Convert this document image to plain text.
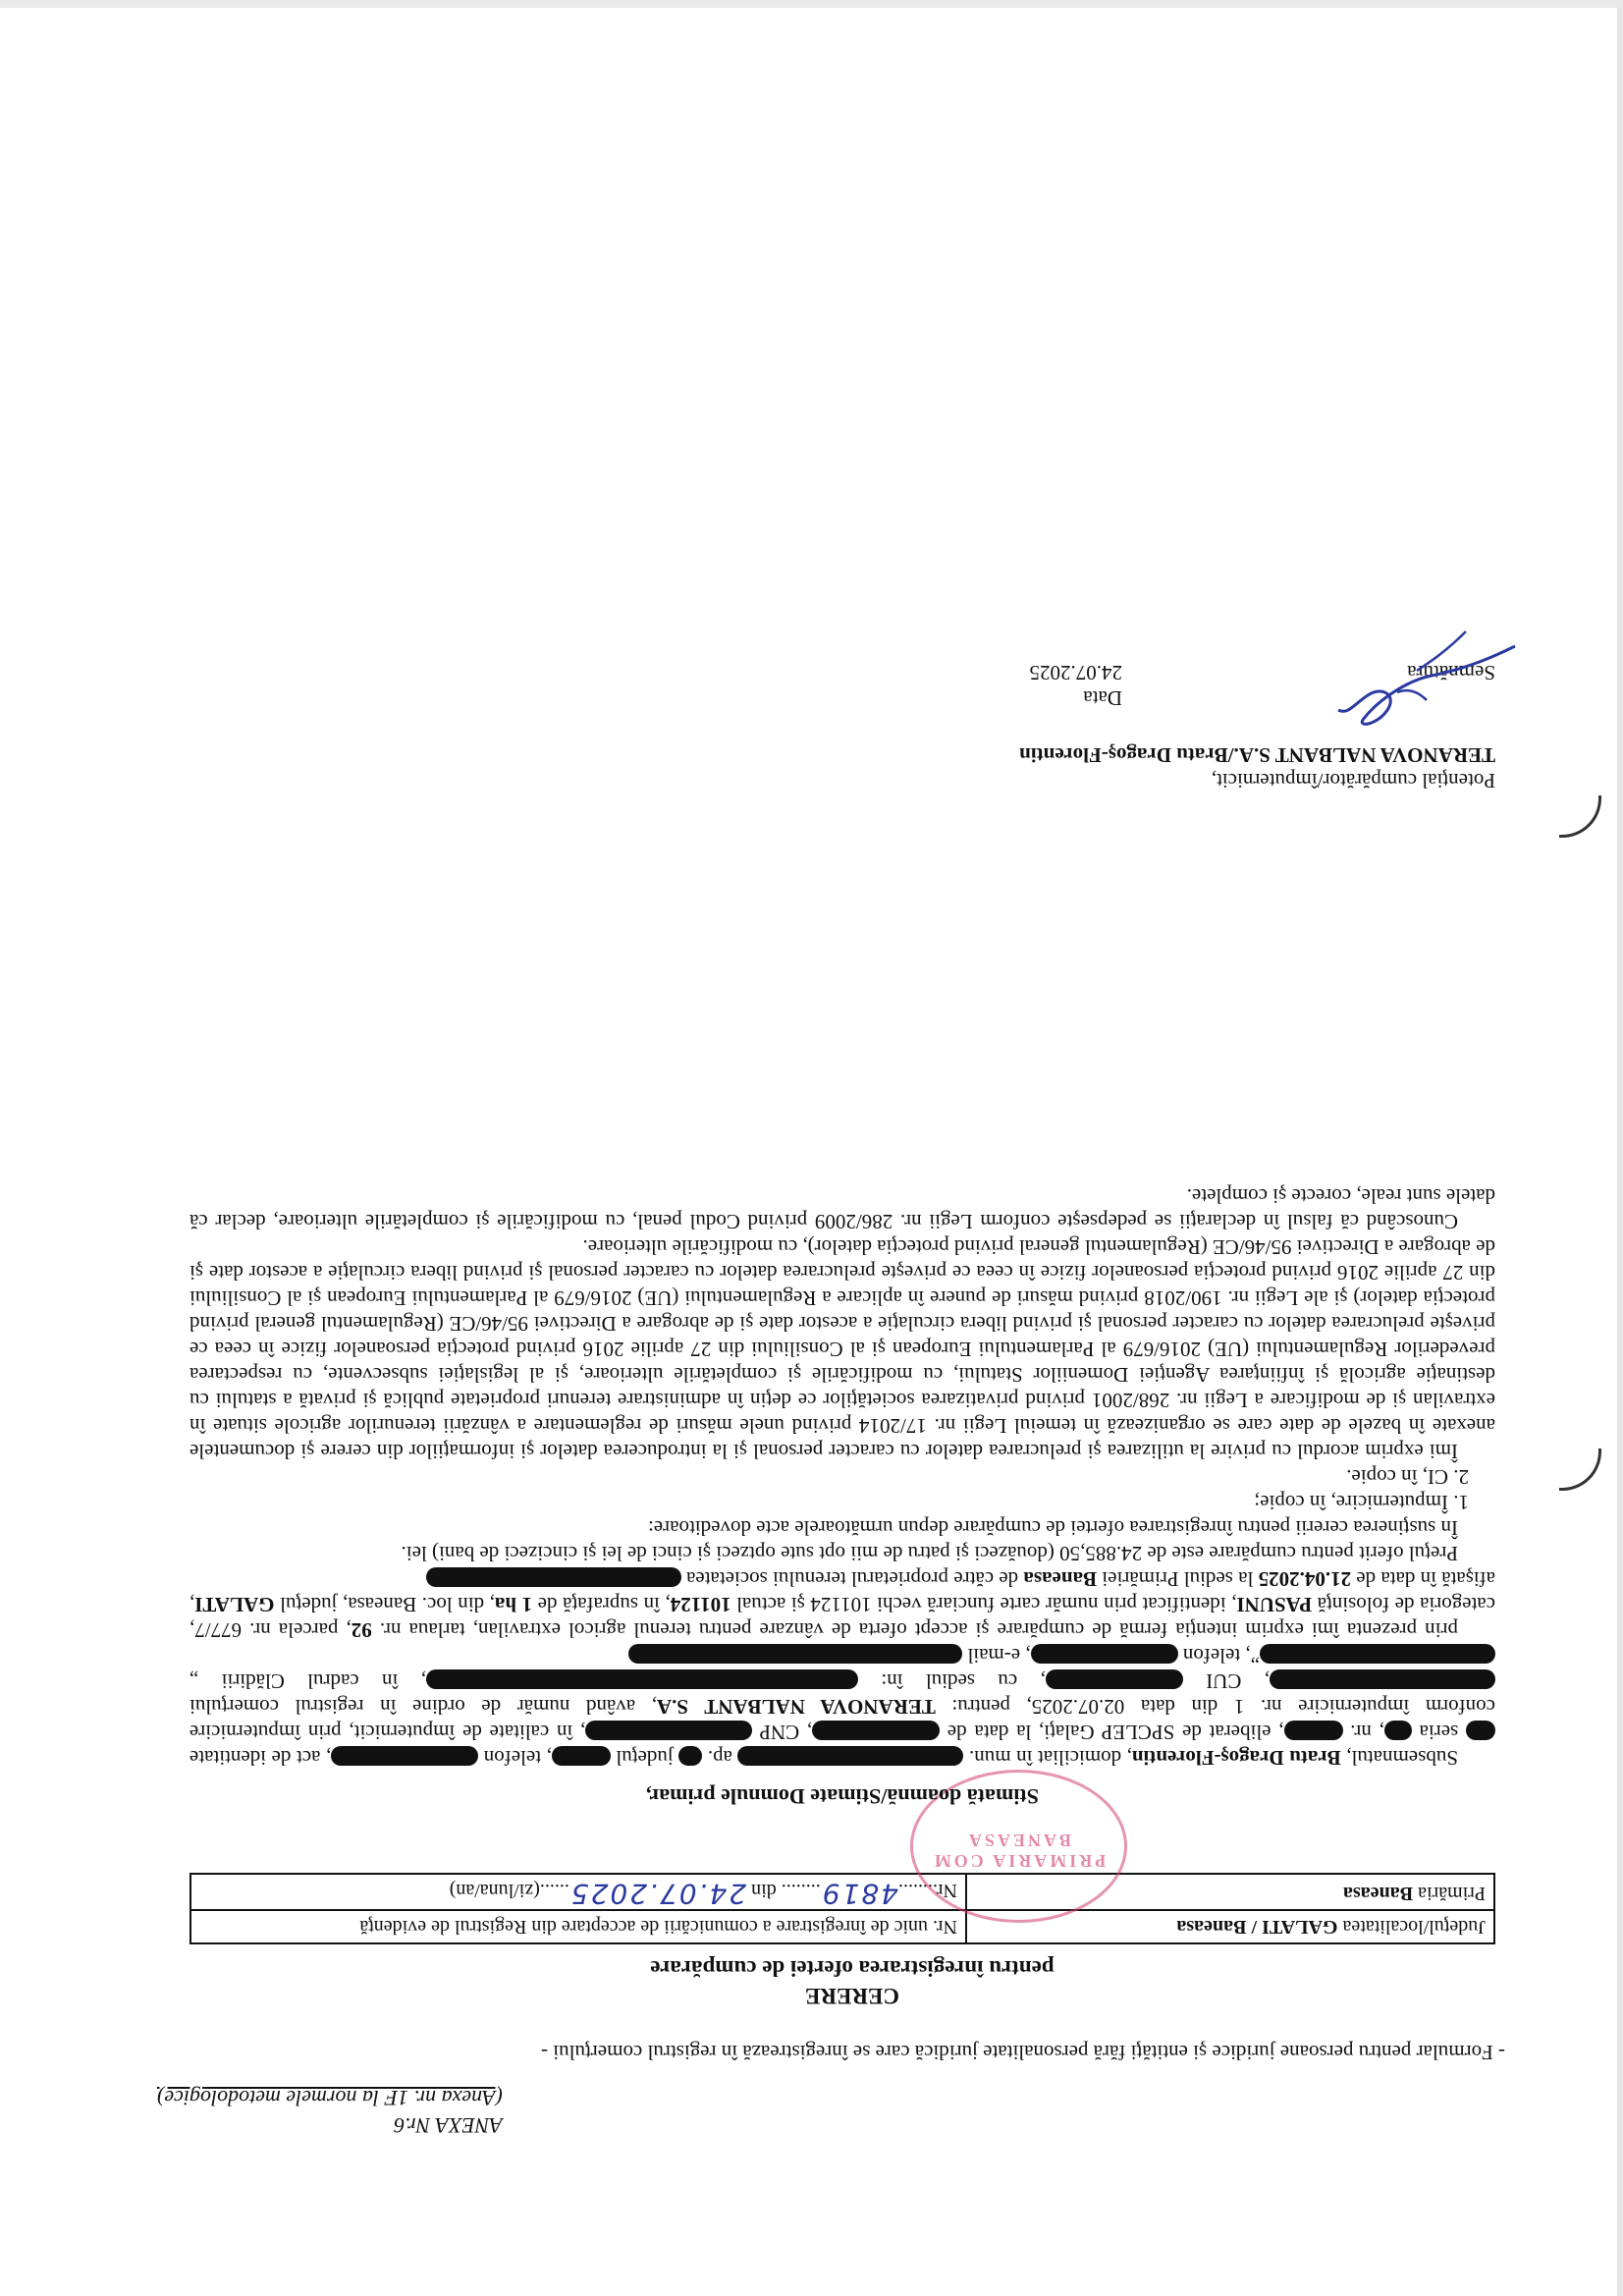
ANEXA Nr.6
(Anexa nr. 1F la normele metodologice)
- Formular pentru persoane juridice şi entităţi fără personalitate juridică care se înregistrează în registrul comerţului -
CERERE
pentru înregistrarea ofertei de cumpărare
Judeţul/localitatea GALATI / Baneasa	Nr. unic de înregistrare a comunicării de acceptare din Registrul de evidenţă
Primăria Baneasa	Nr........4819........ din 24.07.2025......(zi/luna/an)
PRIMARIA COM BANEASA
Stimată doamnă/Stimate Domnule primar,

Subsemnatul, Bratu Dragoş-Florentin, domiciliat în mun.  ap.  judeţul , telefon , act de identitate  seria , nr. , eliberat de SPCLEP Galaţi, la data de , CNP , în calitate de împuternicit, prin împuternicire conform împuternicire nr. 1 din data 02.07.2025, pentru: TERANOVA NALBANT S.A, având număr de ordine în registrul comerţului , CUI , cu sediul în: , în cadrul Clădirii „”, telefon , e-mail

prin prezenta îmi exprim intenţia fermă de cumpărare şi accept oferta de vânzare pentru terenul agricol extravilan, tarlaua nr. 92, parcela nr. 677/7, categoria de folosinţă PASUNI, identificat prin număr carte funciară vechi 101124 şi actual 101124, în suprafaţă de 1 ha, din loc. Baneasa, judeţul GALATI, afişată în data de 21.04.2025 la sediul Primăriei Baneasa de către proprietarul terenului societatea

Preţul oferit pentru cumpărare este de 24.885,50 (douăzeci şi patru de mii opt sute optzeci şi cinci de lei şi cincizeci de bani) lei.

În susţinerea cererii pentru înregistrarea ofertei de cumpărare depun următoarele acte doveditoare:

1. Împuternicire, în copie;
2. CI, în copie.

Îmi exprim acordul cu privire la utilizarea şi prelucrarea datelor cu caracter personal şi la introducerea datelor şi informaţiilor din cerere şi documentele anexate în bazele de date care se organizează în temeiul Legii nr. 17/2014 privind unele măsuri de reglementare a vânzării terenurilor agricole situate în extravilan şi de modificare a Legii nr. 268/2001 privind privatizarea societăţilor ce deţin în administrare terenuri proprietate publică şi privată a statului cu destinaţie agricolă şi înfiinţarea Agenţiei Domeniilor Statului, cu modificările şi completările ulterioare, şi al legislaţiei subsecvente, cu respectarea prevederilor Regulamentului (UE) 2016/679 al Parlamentului European şi al Consiliului din 27 aprilie 2016 privind protecţia persoanelor fizice în ceea ce priveşte prelucrarea datelor cu caracter personal şi privind libera circulaţie a acestor date şi de abrogare a Directivei 95/46/CE (Regulamentul general privind protecţia datelor) şi ale Legii nr. 190/2018 privind măsuri de punere în aplicare a Regulamentului (UE) 2016/679 al Parlamentului European şi al Consiliului din 27 aprilie 2016 privind protecţia persoanelor fizice în ceea ce priveşte prelucrarea datelor cu caracter personal şi privind libera circulaţie a acestor date şi de abrogare a Directivei 95/46/CE (Regulamentul general privind protecţia datelor), cu modificările ulterioare.

Cunoscând că falsul în declaraţii se pedepseşte conform Legii nr. 286/2009 privind Codul penal, cu modificările şi completările ulterioare, declar că datele sunt reale, corecte şi complete.

Potenţial cumpărător/împuternicit,
TERANOVA NALBANT S.A./Bratu Dragoş-Florentin
Semnătura
Data
24.07.2025
